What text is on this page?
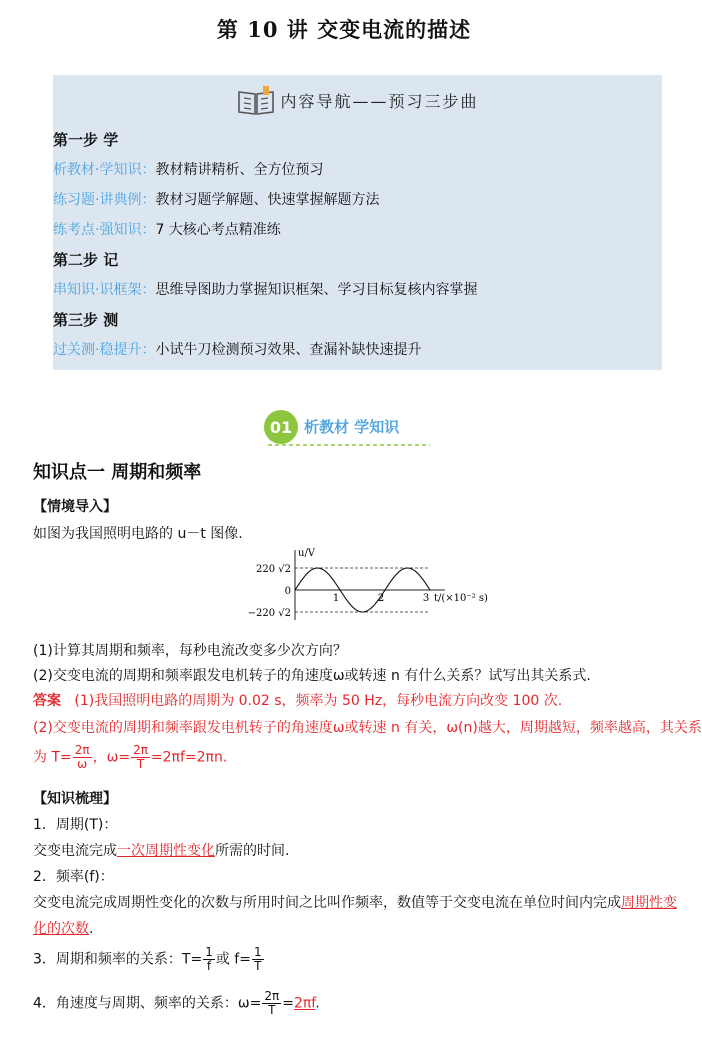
第 10 讲 交变电流的描述
内容导航——预习三步曲
第一步 学
析教材·学知识：教材精讲精析、全方位预习
练习题·讲典例：教材习题学解题、快速掌握解题方法
练考点·强知识：7 大核心考点精准练
第二步 记
串知识·识框架：思维导图助力掌握知识框架、学习目标复核内容掌握
第三步 测
过关测·稳提升：小试牛刀检测预习效果、查漏补缺快速提升
01 析教材 学知识
知识点一 周期和频率
【情境导入】
如图为我国照明电路的 u－t 图像.
u/V
220 √2
0
−220 √2
1	2	3 t/(×10⁻² s)
(1)计算其周期和频率，每秒电流改变多少次方向？
(2)交变电流的周期和频率跟发电机转子的角速度ω或转速 n 有什么关系？试写出其关系式.
答案 (1)我国照明电路的周期为 0.02 s，频率为 50 Hz，每秒电流方向改变 100 次.
(2)交变电流的周期和频率跟发电机转子的角速度ω或转速 n 有关，ω(n)越大，周期越短，频率越高，其关系
为 $T= \frac{2\pi}{\omega}$ ，$\omega= \frac{2\pi}{T} =2\pi f=2\pi n$.
【知识梳理】
1．周期(T)：
交变电流完成一次周期性变化所需的时间.
2．频率(f)：
交变电流完成周期性变化的次数与所用时间之比叫作频率，数值等于交变电流在单位时间内完成周期性变
化的次数.
3．周期和频率的关系：$T= \frac{1}{f}$ 或 $f= \frac{1}{T}$
4．角速度与周期、频率的关系：$\omega= \frac{2\pi}{T} =2\pi f$.
